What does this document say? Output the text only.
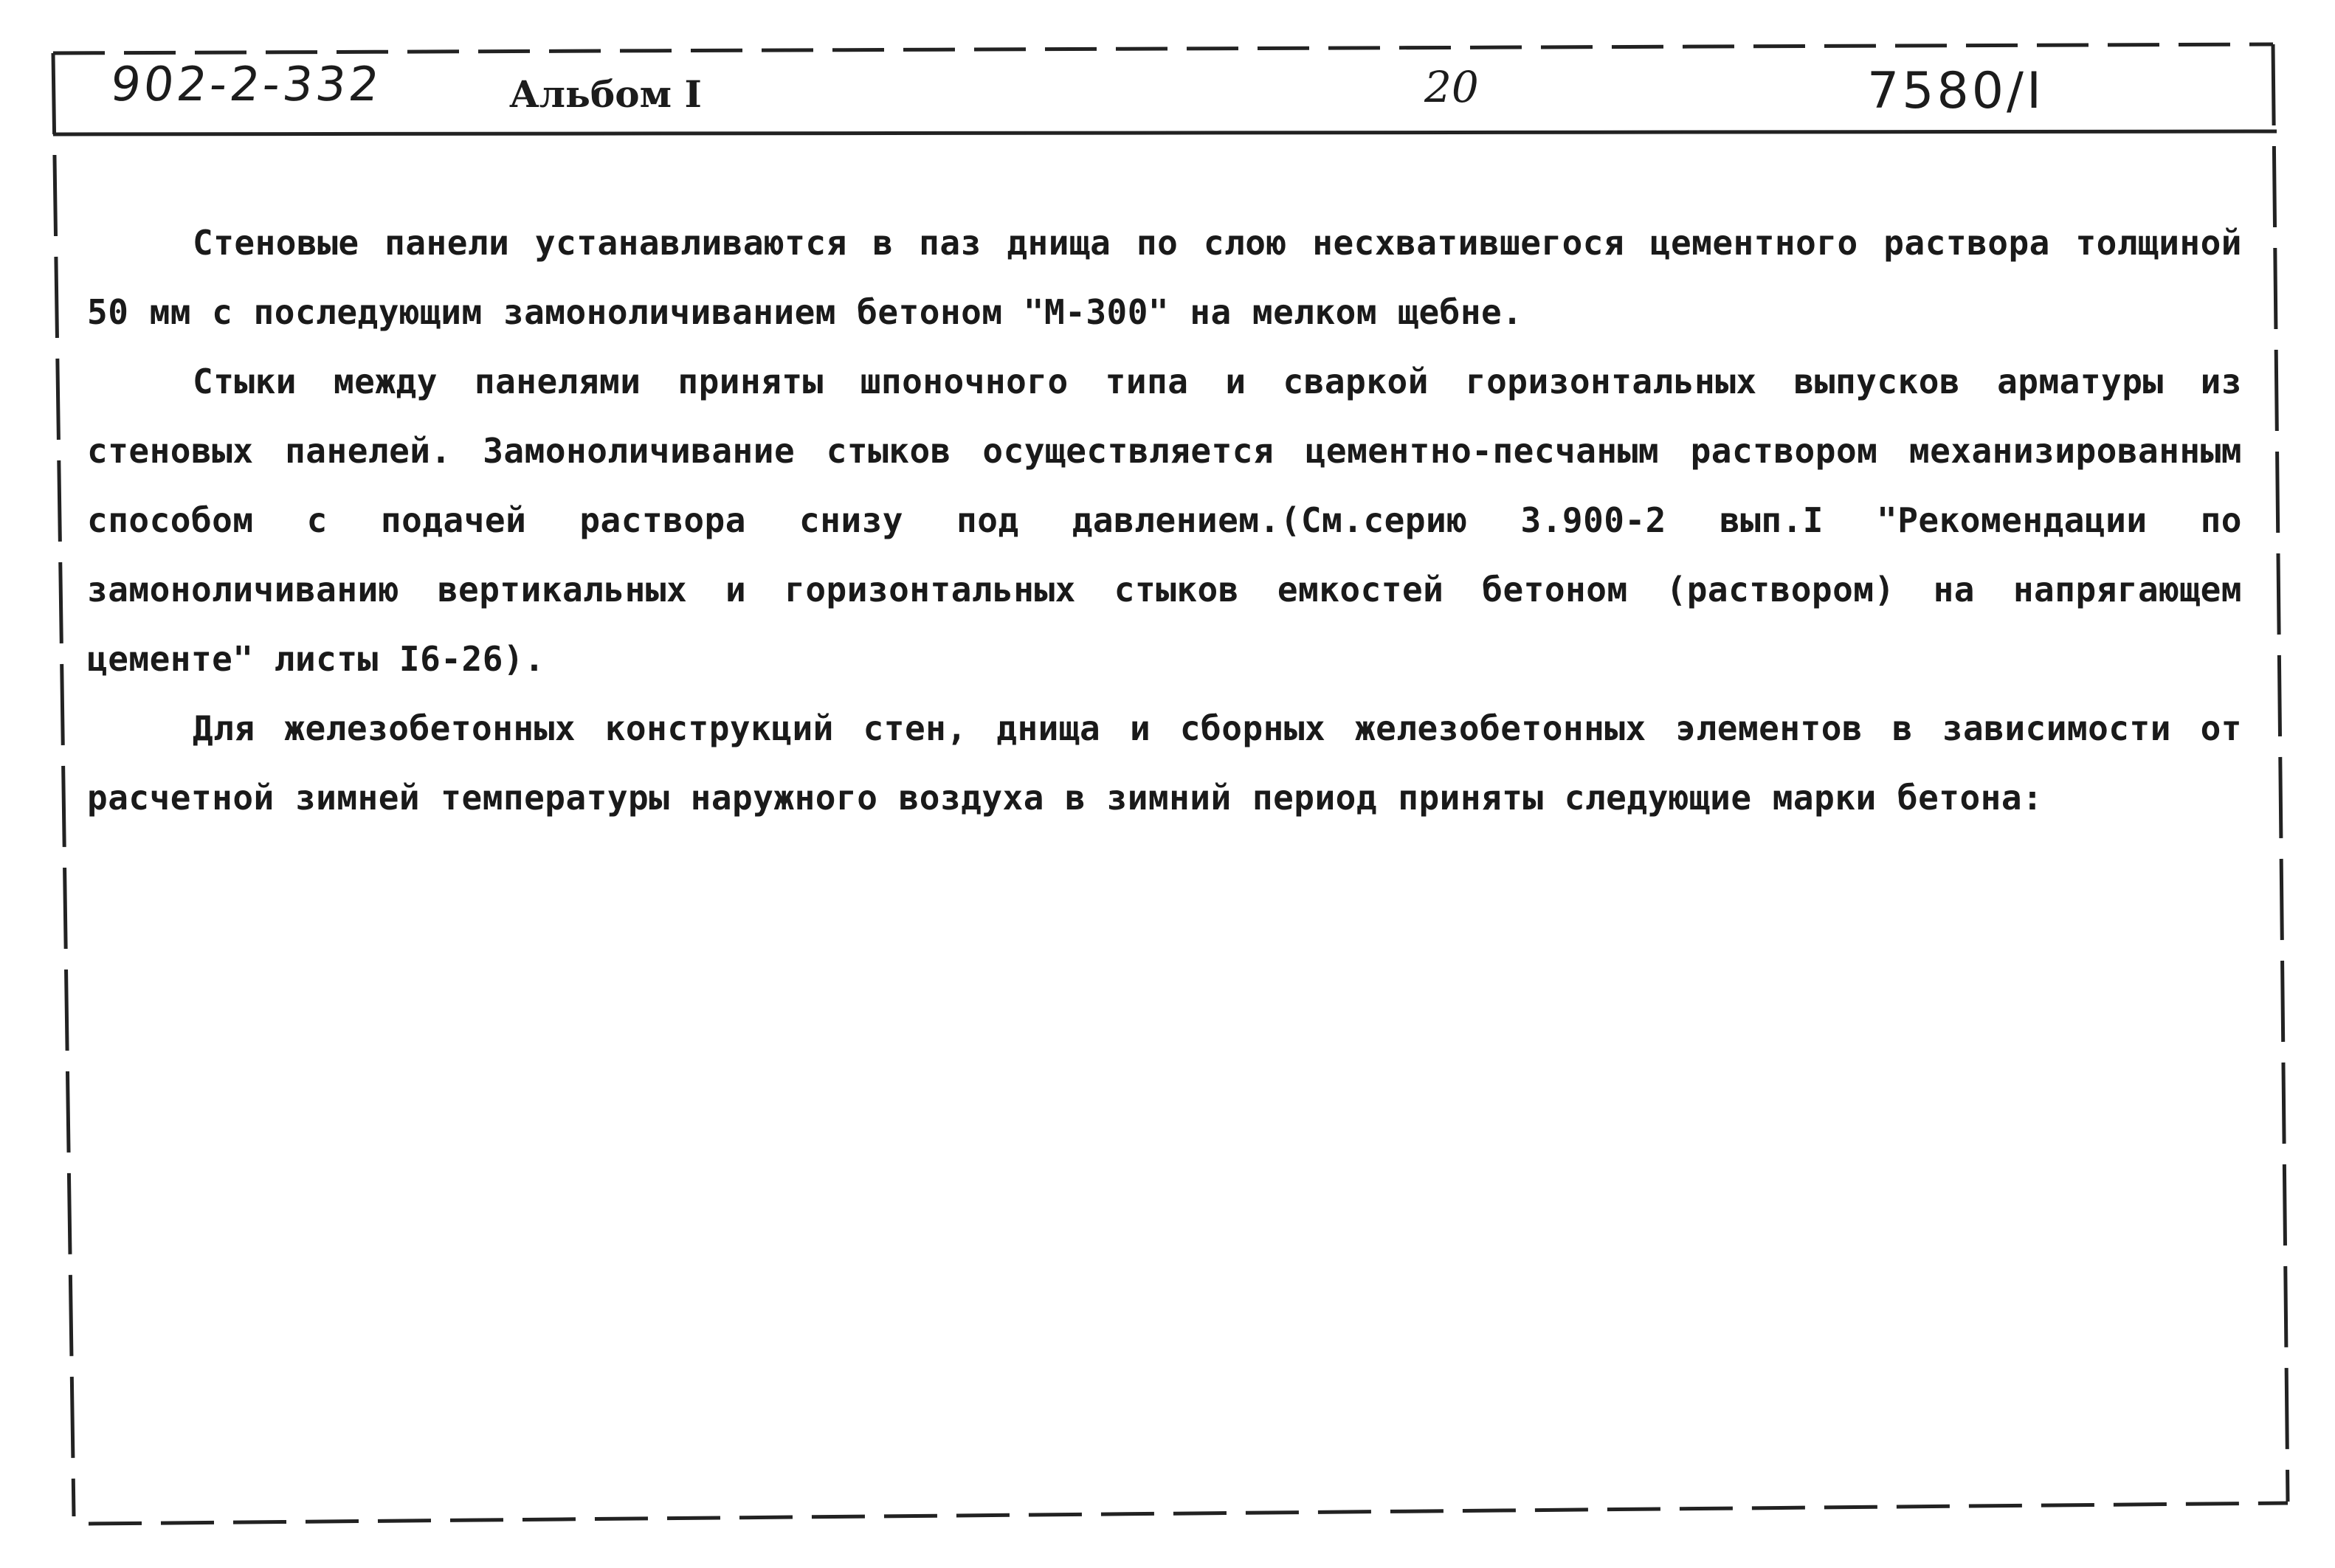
902-2-332	Альбом I	20	7580/I

Стеновые панели устанавливаются в паз днища по слою несхватившегося цементного раствора толщиной 50 мм с последующим замоноличиванием бетоном "М-300" на мелком щебне.

Стыки между панелями приняты шпоночного типа и сваркой горизонтальных выпусков арматуры из стеновых панелей. Замоноличивание стыков осуществляется цементно-песчаным раствором механизированным способом с подачей раствора снизу под давлением.(См.серию 3.900-2 вып.I "Рекомендации по замоноличиванию вертикальных и горизонтальных стыков емкостей бетоном (раствором) на напрягающем цементе" листы I6-26).

Для железобетонных конструкций стен, днища и сборных железобетонных элементов в зависимости от расчетной зимней температуры наружного воздуха в зимний период приняты следующие марки бетона:
